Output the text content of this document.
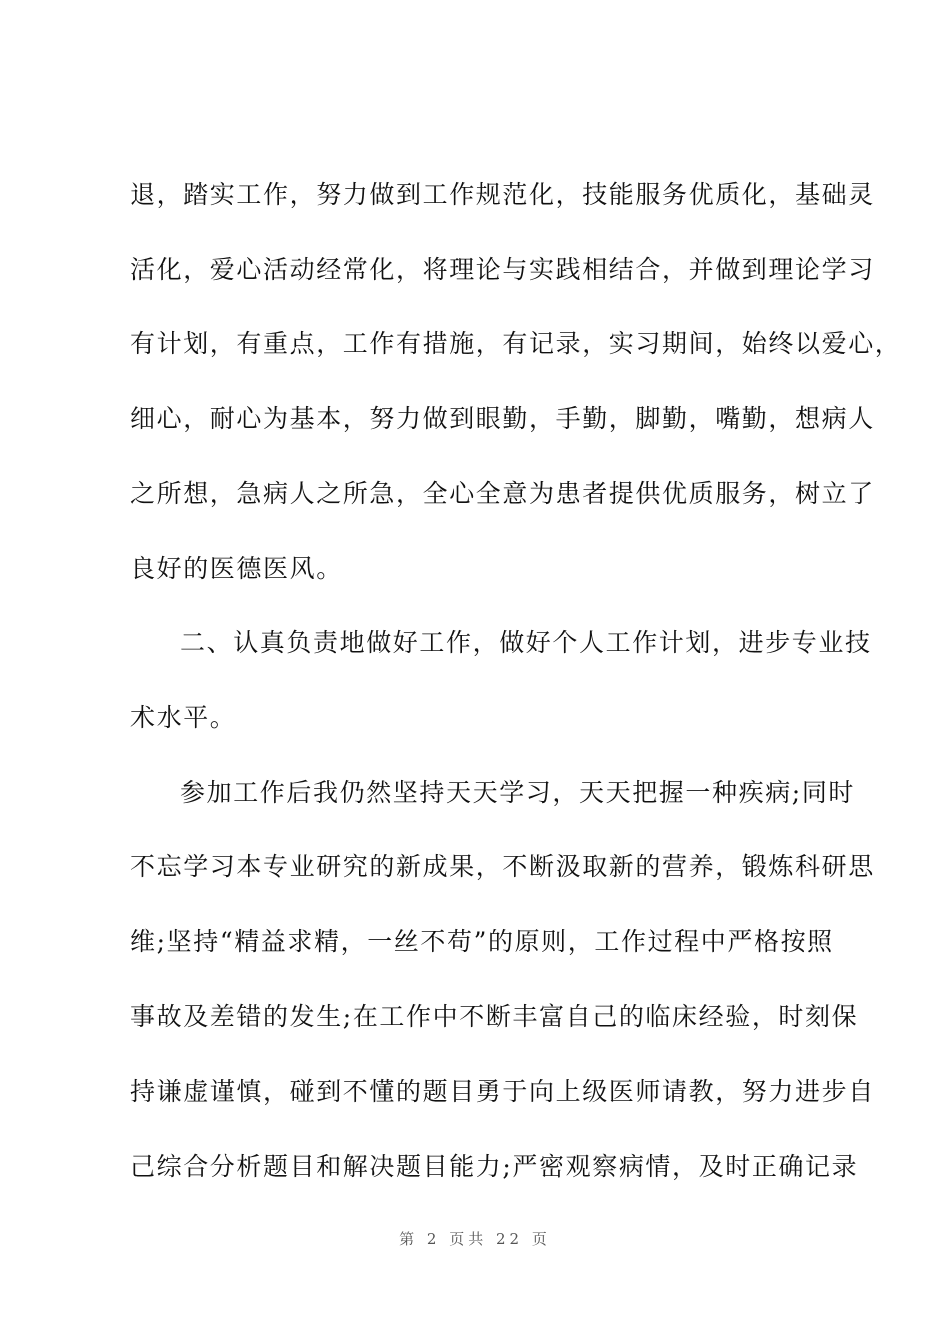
退，踏实工作，努力做到工作规范化，技能服务优质化，基础灵
活化，爱心活动经常化，将理论与实践相结合，并做到理论学习
有计划，有重点，工作有措施，有记录，实习期间，始终以爱心，
细心，耐心为基本，努力做到眼勤，手勤，脚勤，嘴勤，想病人
之所想，急病人之所急，全心全意为患者提供优质服务，树立了
良好的医德医风。
二、认真负责地做好工作，做好个人工作计划，进步专业技
术水平。
参加工作后我仍然坚持天天学习，天天把握一种疾病;同时
不忘学习本专业研究的新成果，不断汲取新的营养，锻炼科研思
维;坚持“精益求精，一丝不苟”的原则，工作过程中严格按照
事故及差错的发生;在工作中不断丰富自己的临床经验，时刻保
持谦虚谨慎，碰到不懂的题目勇于向上级医师请教，努力进步自
己综合分析题目和解决题目能力;严密观察病情，及时正确记录
第 2 页共 22 页
